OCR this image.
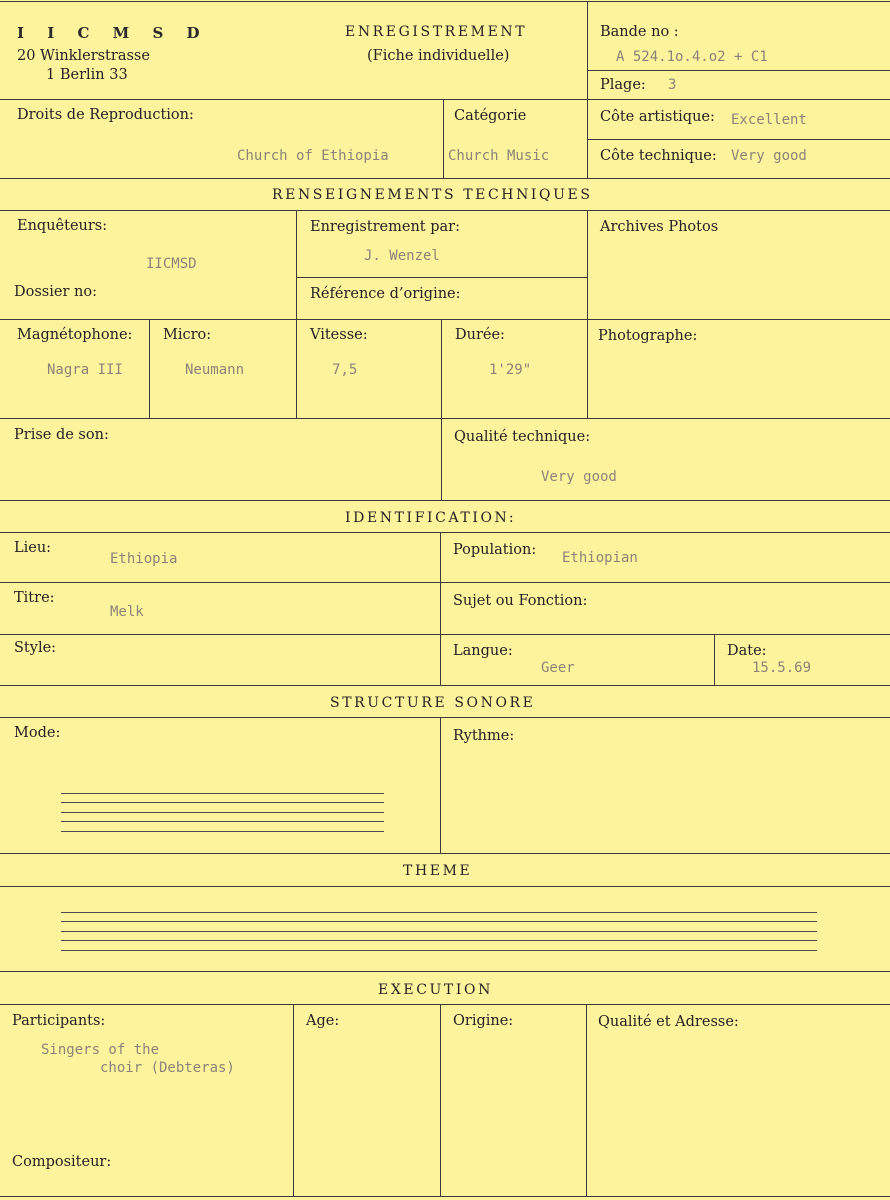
I I C M S D
20 Winklerstrasse
1 Berlin 33
ENREGISTREMENT
(Fiche individuelle)
Bande no :
A 524.1o.4.o2 + C1
Plage: 3
Droits de Reproduction:
Church of Ethiopia
Catégorie
Church Music
Côte artistique: Excellent
Côte technique: Very good
RENSEIGNEMENTS TECHNIQUES
Enquêteurs:
IICMSD
Dossier no:
Enregistrement par:
J. Wenzel
Référence d’origine:
Archives Photos
Magnétophone:
Nagra III
Micro:
Neumann
Vitesse:
7,5
Durée:
1'29"
Photographe:
Prise de son:	Qualité technique:
Very good
IDENTIFICATION:
Lieu:
Ethiopia
Population: Ethiopian
Titre:
Melk
Sujet ou Fonction:
Style:	Langue:
Geer
Date:
15.5.69
STRUCTURE SONORE
Mode:	Rythme:
THEME
EXECUTION
Participants:
Singers of the
choir (Debteras)
Age:	Origine:	Qualité et Adresse:
Compositeur:
